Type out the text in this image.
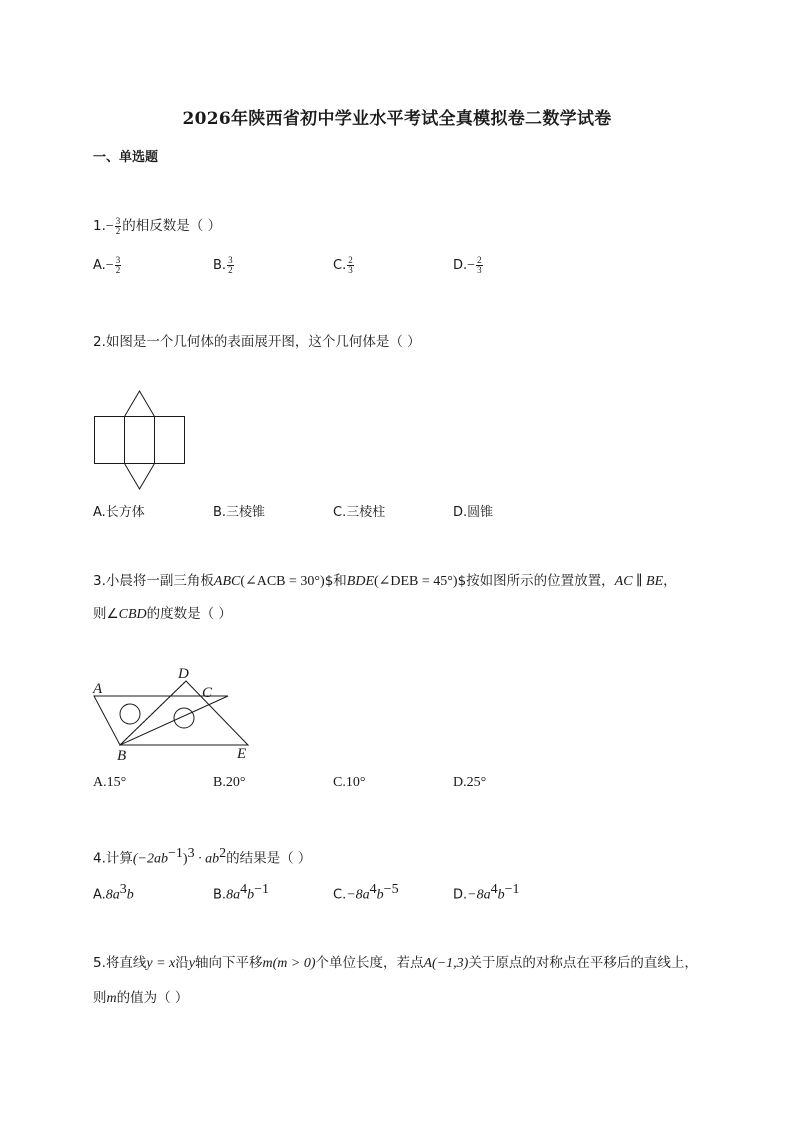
2026年陕西省初中学业水平考试全真模拟卷二数学试卷
一、单选题
$1.- \frac{3}{2}$ 的相反数是（ ）
$A.- \frac{3}{2}$	B. $\frac{3}{2}$	C. $\frac{2}{3}$	$D.- \frac{2}{3}$
2.如图是一个几何体的表面展开图，这个几何体是（ ）
A.长方体	B.三棱锥	C.三棱柱	D.圆锥
3.小晨将一副三角板ABC(∠ACB = 30°)$和BDE(∠DEB = 45°)$按如图所示的位置放置，AC ∥ BE，
则∠CBD的度数是（ ）
A
D
C
B	E
A.15°	B.20°	C.10°	D.25°
4.计算$(-2ab^{-1})^3 \cdot ab^2$的结果是（ ）
$A.8a^3b$	$B.8a^4b^{-1}$	$C.-8a^4b^{-5}$	$D.-8a^4b^{-1}$
5.将直线y = x沿y轴向下平移m(m > 0)个单位长度，若点A(−1,3)关于原点的对称点在平移后的直线上，
则m的值为（ ）
